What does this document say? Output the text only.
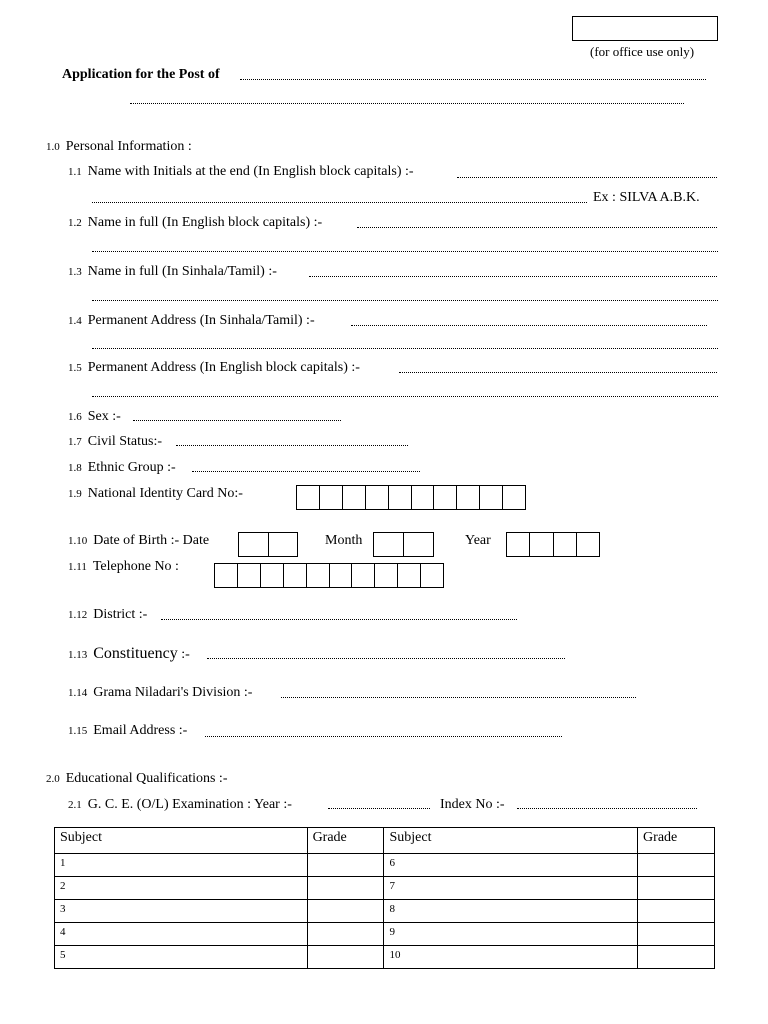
(for office use only)
Application for the Post of
1.0 Personal Information :
1.1 Name with Initials at the end (In English block capitals) :-
Ex : SILVA A.B.K.
1.2 Name in full (In English block capitals) :-
1.3 Name in full (In Sinhala/Tamil) :-
1.4 Permanent Address (In Sinhala/Tamil) :-
1.5 Permanent Address (In English block capitals) :-
1.6 Sex :-
1.7 Civil Status:-
1.8 Ethnic Group :-
1.9 National Identity Card No:-
1.10 Date of Birth :- Date	Month	Year
1.11 Telephone No :
1.12 District :-
1.13 Constituency :-
1.14 Grama Niladari's Division :-
1.15 Email Address :-
2.0 Educational Qualifications :-
2.1 G. C. E. (O/L) Examination : Year :-	Index No :-
Subject	Grade	Subject	Grade
1		6	
2		7	
3		8	
4		9	
5		10	
